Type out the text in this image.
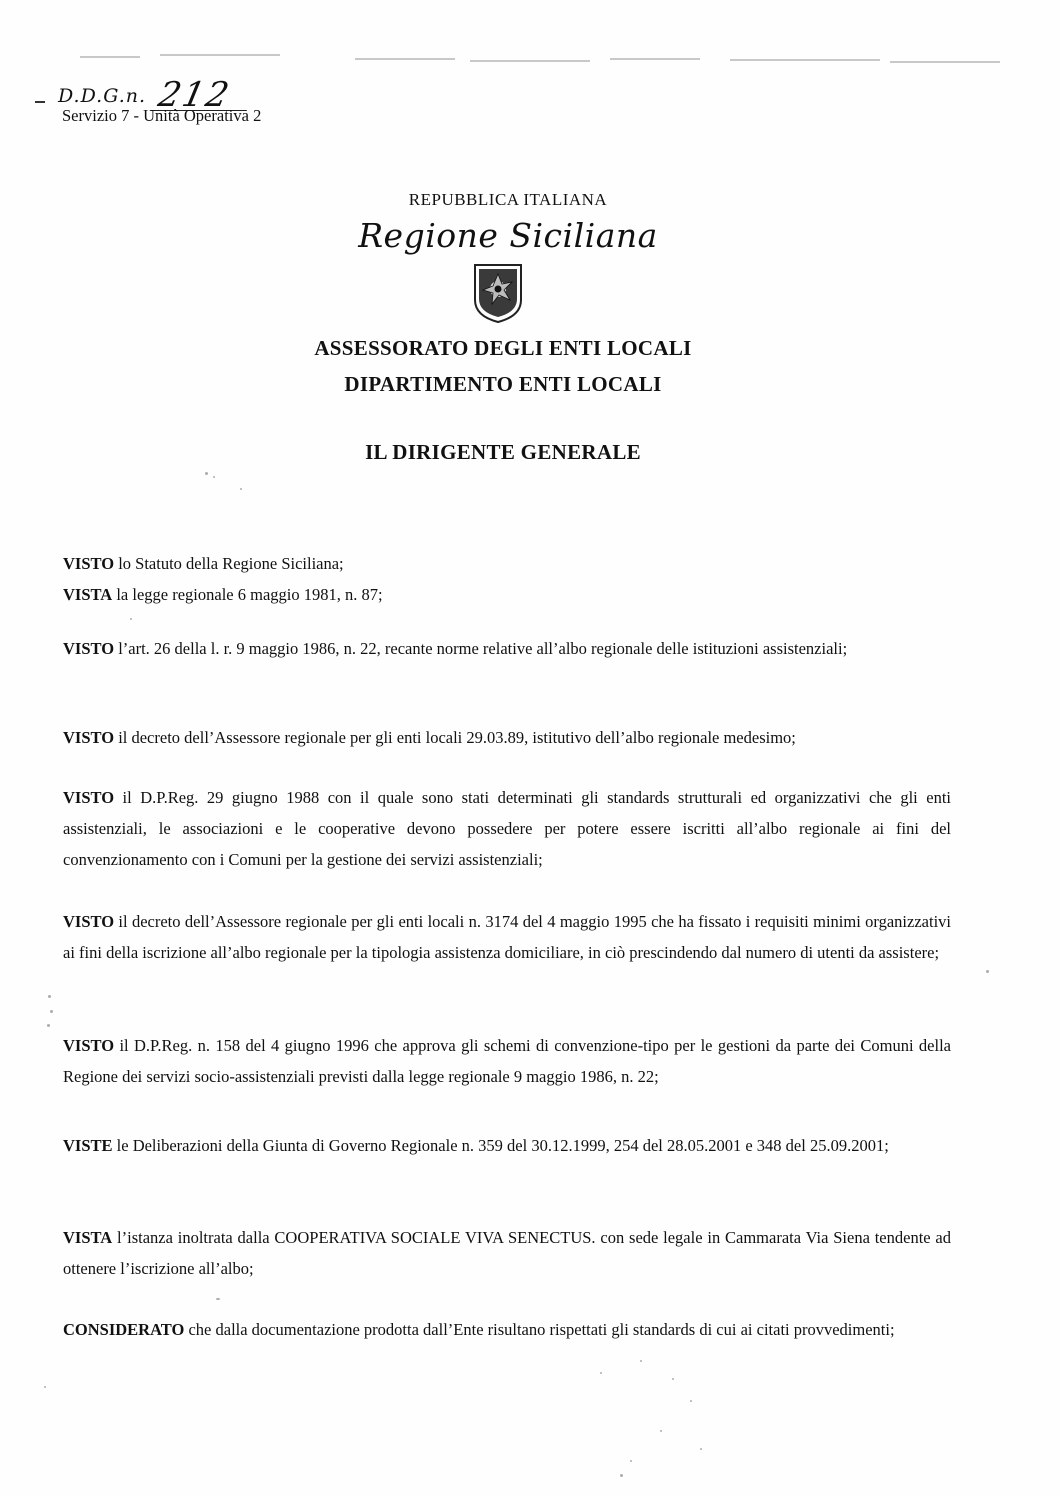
D.D.G.n. 212
Servizio 7 - Unità Operativa 2
REPUBBLICA ITALIANA
Regione Siciliana
ASSESSORATO DEGLI ENTI LOCALI
DIPARTIMENTO ENTI LOCALI
IL DIRIGENTE GENERALE
VISTO lo Statuto della Regione Siciliana;
VISTA la legge regionale 6 maggio 1981, n. 87;
VISTO l’art. 26 della l. r. 9 maggio 1986, n. 22, recante norme relative all’albo regionale delle istituzioni assistenziali;
VISTO il decreto dell’Assessore regionale per gli enti locali 29.03.89, istitutivo dell’albo regionale medesimo;
VISTO il D.P.Reg. 29 giugno 1988 con il quale sono stati determinati gli standards strutturali ed organizzativi che gli enti assistenziali, le associazioni e le cooperative devono possedere per potere essere iscritti all’albo regionale ai fini del convenzionamento con i Comuni per la gestione dei servizi assistenziali;
VISTO il decreto dell’Assessore regionale per gli enti locali n. 3174 del 4 maggio 1995 che ha fissato i requisiti minimi organizzativi ai fini della iscrizione all’albo regionale per la tipologia assistenza domiciliare, in ciò prescindendo dal numero di utenti da assistere;
VISTO il D.P.Reg. n. 158 del 4 giugno 1996 che approva gli schemi di convenzione-tipo per le gestioni da parte dei Comuni della Regione dei servizi socio-assistenziali previsti dalla legge regionale 9 maggio 1986, n. 22;
VISTE le Deliberazioni della Giunta di Governo Regionale n. 359 del 30.12.1999, 254 del 28.05.2001 e 348 del 25.09.2001;
VISTA l’istanza inoltrata dalla COOPERATIVA SOCIALE VIVA SENECTUS. con sede legale in Cammarata Via Siena tendente ad ottenere l’iscrizione all’albo;
CONSIDERATO che dalla documentazione prodotta dall’Ente risultano rispettati gli standards di cui ai citati provvedimenti;
